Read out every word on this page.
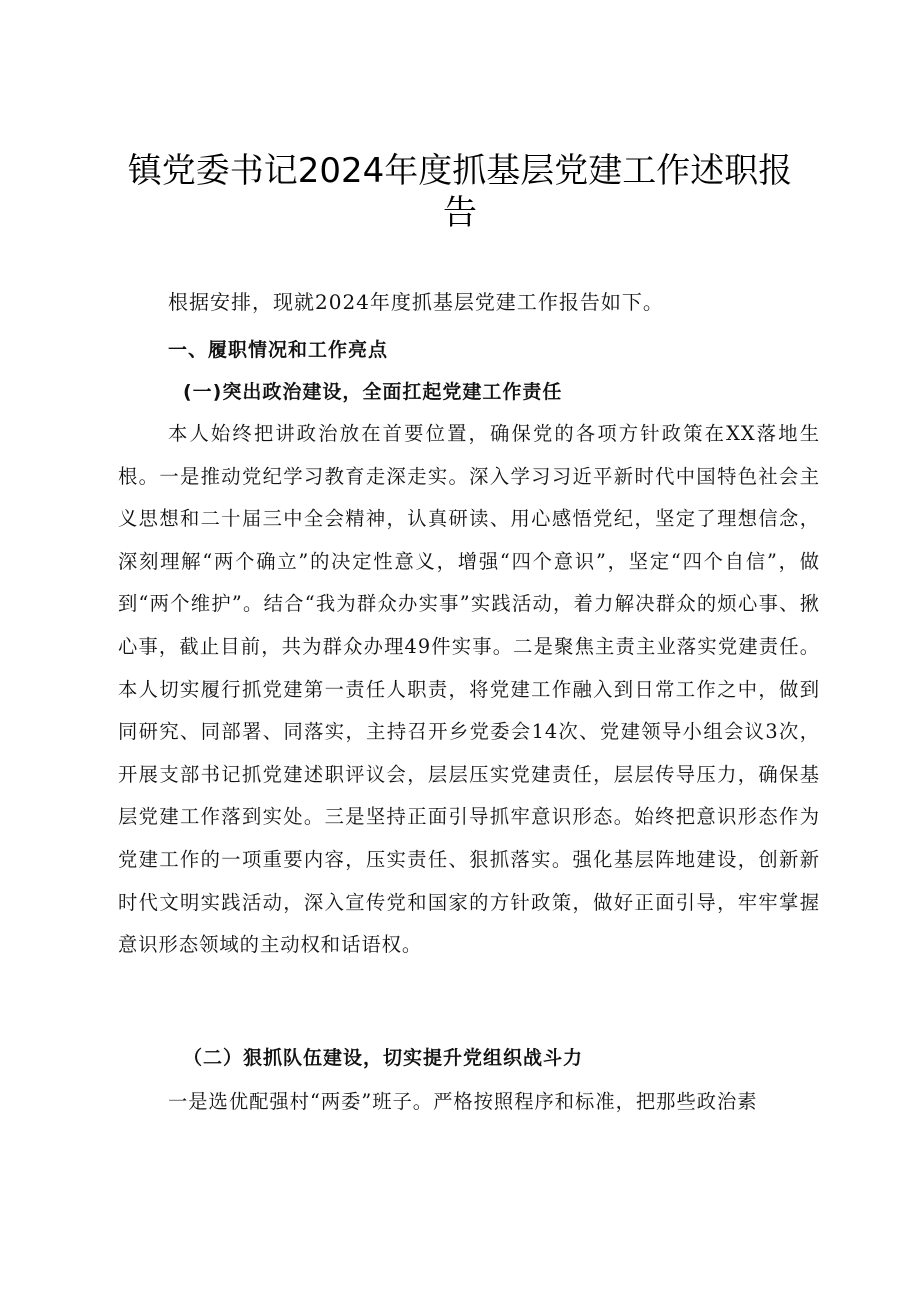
镇党委书记2024年度抓基层党建工作述职报告

根据安排，现就2024年度抓基层党建工作报告如下。

一、履职情况和工作亮点

(一)突出政治建设，全面扛起党建工作责任

本人始终把讲政治放在首要位置，确保党的各项方针政策在XX落地生根。一是推动党纪学习教育走深走实。深入学习习近平新时代中国特色社会主义思想和二十届三中全会精神，认真研读、用心感悟党纪，坚定了理想信念，深刻理解“两个确立”的决定性意义，增强“四个意识”，坚定“四个自信”，做到“两个维护”。结合“我为群众办实事”实践活动，着力解决群众的烦心事、揪心事，截止目前，共为群众办理49件实事。二是聚焦主责主业落实党建责任。本人切实履行抓党建第一责任人职责，将党建工作融入到日常工作之中，做到同研究、同部署、同落实，主持召开乡党委会14次、党建领导小组会议3次，开展支部书记抓党建述职评议会，层层压实党建责任，层层传导压力，确保基层党建工作落到实处。三是坚持正面引导抓牢意识形态。始终把意识形态作为党建工作的一项重要内容，压实责任、狠抓落实。强化基层阵地建设，创新新时代文明实践活动，深入宣传党和国家的方针政策，做好正面引导，牢牢掌握意识形态领域的主动权和话语权。

（二）狠抓队伍建设，切实提升党组织战斗力

一是选优配强村“两委”班子。严格按照程序和标准，把那些政治素
